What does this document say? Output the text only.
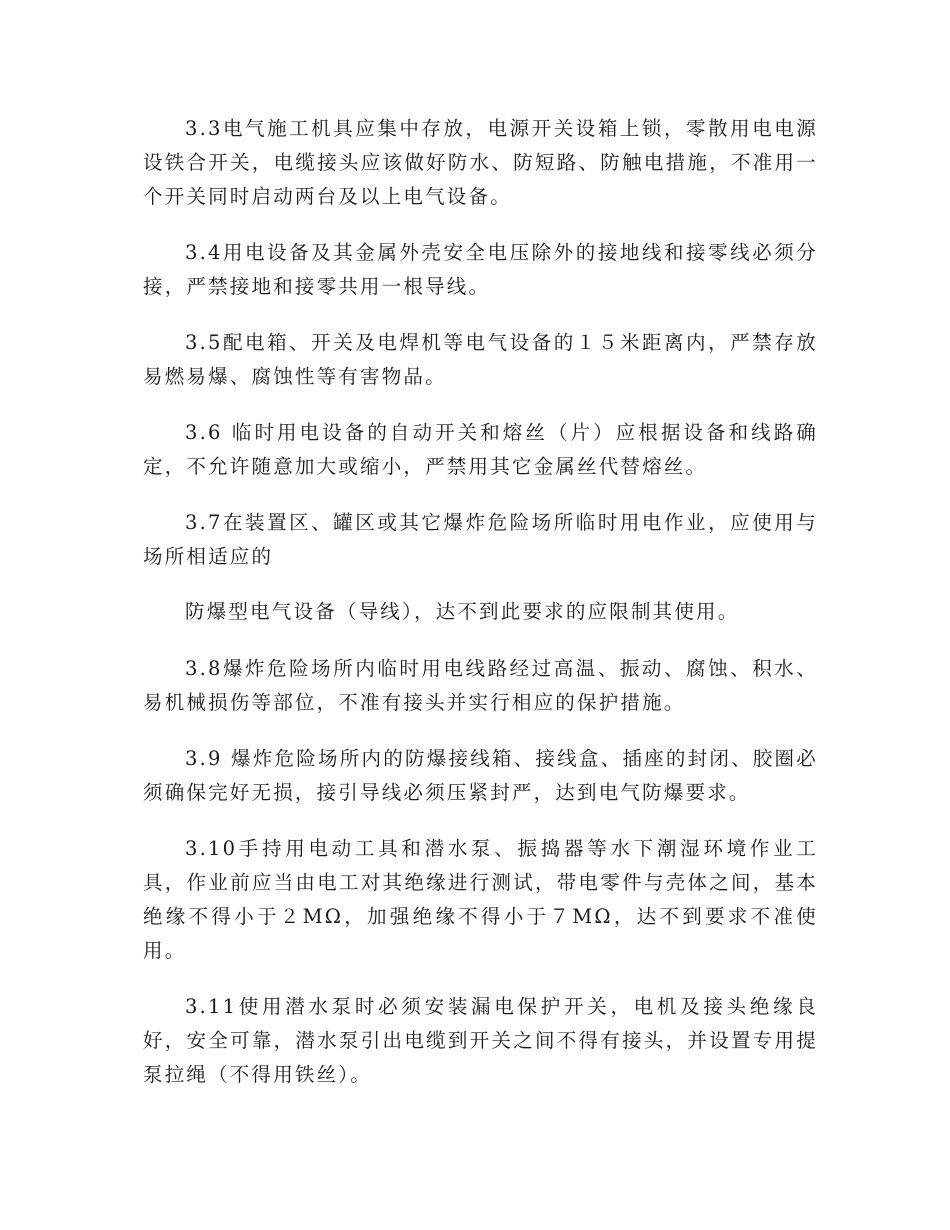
3.3电气施工机具应集中存放，电源开关设箱上锁，零散用电电源设铁合开关，电缆接头应该做好防水、防短路、防触电措施，不准用一个开关同时启动两台及以上电气设备。

3.4用电设备及其金属外壳安全电压除外的接地线和接零线必须分接，严禁接地和接零共用一根导线。

3.5配电箱、开关及电焊机等电气设备的１５米距离内，严禁存放易燃易爆、腐蚀性等有害物品。

3.6 临时用电设备的自动开关和熔丝（片）应根据设备和线路确定，不允许随意加大或缩小，严禁用其它金属丝代替熔丝。

3.7在装置区、罐区或其它爆炸危险场所临时用电作业，应使用与场所相适应的

防爆型电气设备（导线），达不到此要求的应限制其使用。

3.8爆炸危险场所内临时用电线路经过高温、振动、腐蚀、积水、易机械损伤等部位，不准有接头并实行相应的保护措施。

3.9 爆炸危险场所内的防爆接线箱、接线盒、插座的封闭、胶圈必须确保完好无损，接引导线必须压紧封严，达到电气防爆要求。

3.10手持用电动工具和潜水泵、振捣器等水下潮湿环境作业工具，作业前应当由电工对其绝缘进行测试，带电零件与壳体之间，基本绝缘不得小于２MΩ，加强绝缘不得小于７MΩ，达不到要求不准使用。

3.11使用潜水泵时必须安装漏电保护开关，电机及接头绝缘良好，安全可靠，潜水泵引出电缆到开关之间不得有接头，并设置专用提泵拉绳（不得用铁丝）。
